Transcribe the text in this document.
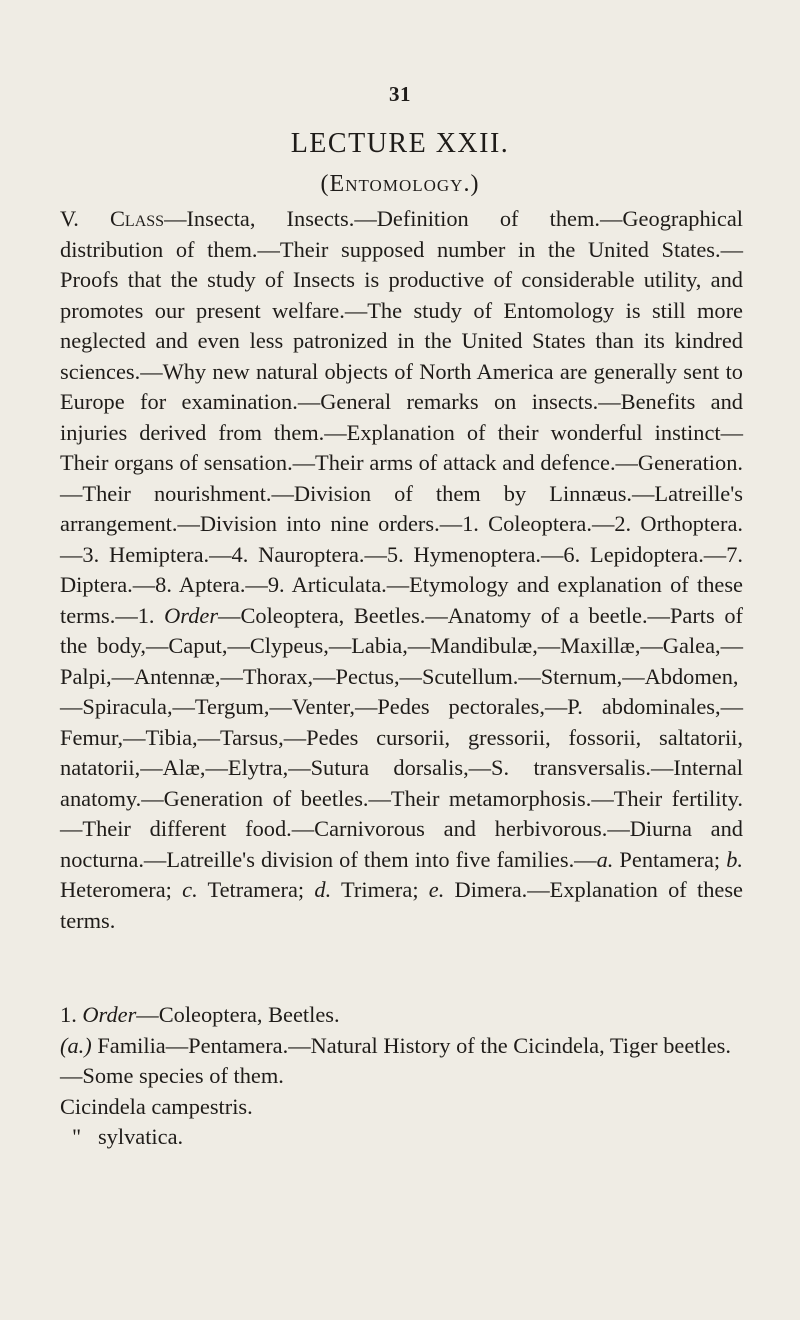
31
LECTURE XXII.
(Entomology.)

V. Class—Insecta, Insects.—Definition of them.—Geographical distribution of them.—Their supposed number in the United States.—Proofs that the study of Insects is productive of considerable utility, and promotes our present welfare.—The study of Entomology is still more neglected and even less patronized in the United States than its kindred sciences.—Why new natural objects of North America are generally sent to Europe for examination.—General remarks on insects.—Benefits and injuries derived from them.—Explanation of their wonderful instinct—Their organs of sensation.—Their arms of attack and defence.—Generation.—Their nourishment.—Division of them by Linnæus.—Latreille's arrangement.—Division into nine orders.—1. Coleoptera.—2. Orthoptera.—3. Hemiptera.—4. Nauroptera.—5. Hymenoptera.—6. Lepidoptera.—7. Diptera.—8. Aptera.—9. Articulata.—Etymology and explanation of these terms.—1. Order—Coleoptera, Beetles.—Anatomy of a beetle.—Parts of the body,—Caput,—Clypeus,—Labia,—Mandibulæ,—Maxillæ,—Galea,—Palpi,—Antennæ,—Thorax,—Pectus,—Scutellum.—Sternum,—Abdomen,—Spiracula,—Tergum,—Venter,—Pedes pectorales,—P. abdominales,—Femur,—Tibia,—Tarsus,—Pedes cursorii, gressorii, fossorii, saltatorii, natatorii,—Alæ,—Elytra,—Sutura dorsalis,—S. transversalis.—Internal anatomy.—Generation of beetles.—Their metamorphosis.—Their fertility.—Their different food.—Carnivorous and herbivorous.—Diurna and nocturna.—Latreille's division of them into five families.—a. Pentamera; b. Heteromera; c. Tetramera; d. Trimera; e. Dimera.—Explanation of these terms.

1. Order—Coleoptera, Beetles.

(a.) Familia—Pentamera.—Natural History of the Cicindela, Tiger beetles.—Some species of them.

Cicindela campestris.

" sylvatica.
